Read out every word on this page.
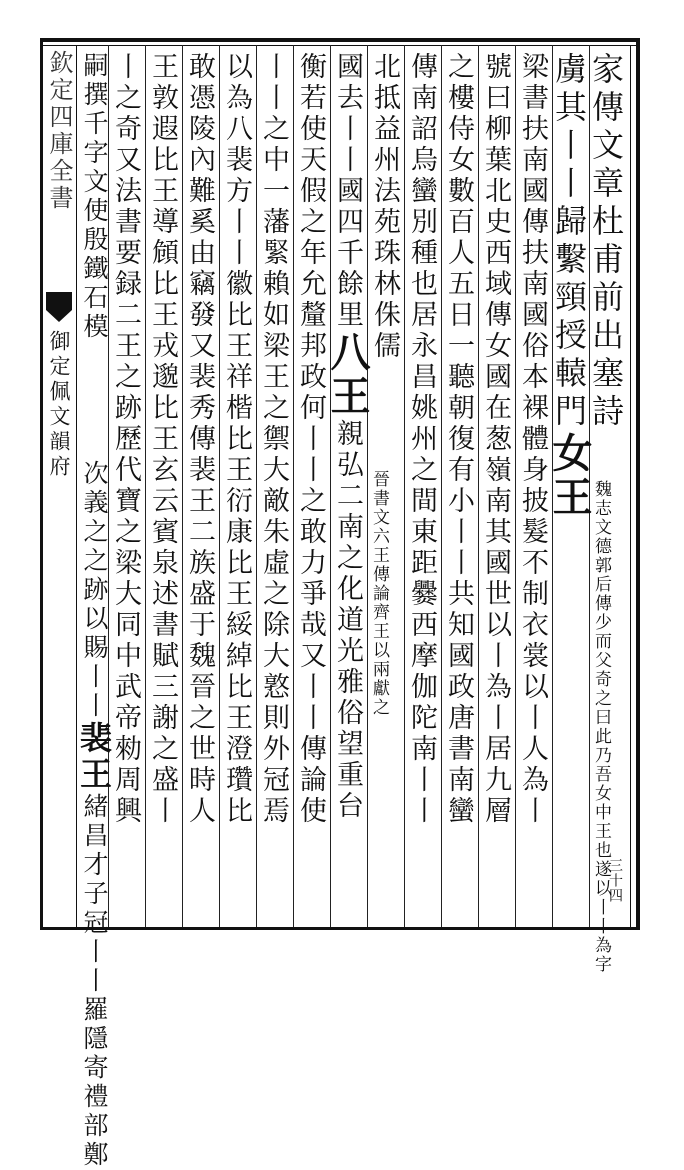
欽定四庫全書
御定佩文韻府	家傳文章杜甫前出塞詩
虜其丨丨歸繫頸授轅門女王
魏志文德郭后傳少而父奇之曰此乃吾女中王也遂以丨丨為字
梁書扶南國傳扶南國俗本裸體身披髮不制衣裳以丨人為丨
號曰柳葉北史西域傳女國在葱嶺南其國世以丨為丨居九層
之樓侍女數百人五日一聽朝復有小丨丨共知國政唐書南蠻
傳南詔烏蠻別種也居永昌姚州之間東距爨西摩伽陀南丨丨
北抵益州法苑珠林侏儒
國去丨丨國四千餘里八王親弘二南之化道光雅俗望重台 晉書文六王傳論齊王以兩獻之
衡若使天假之年允釐邦政何丨丨之敢力爭哉又丨丨傳論使
丨丨之中一藩緊賴如梁王之禦大敵朱虛之除大憝則外冠焉
以為八裴方丨丨徽比王祥楷比王衍康比王綏綽比王澄瓚比
敢憑陵內難奚由竊發又裴秀傳裴王二族盛于魏晉之世時人
王敦遐比王導頠比王戎邈比王玄云賓泉述書賦三謝之盛丨
丨之奇又法書要録二王之跡歷代寶之梁大同中武帝勑周興
嗣撰千字文使殷鐵石模
三十四
次義之之跡以賜丨丨裴王緒昌才子冠丨丨羅隱寄禮部鄭
